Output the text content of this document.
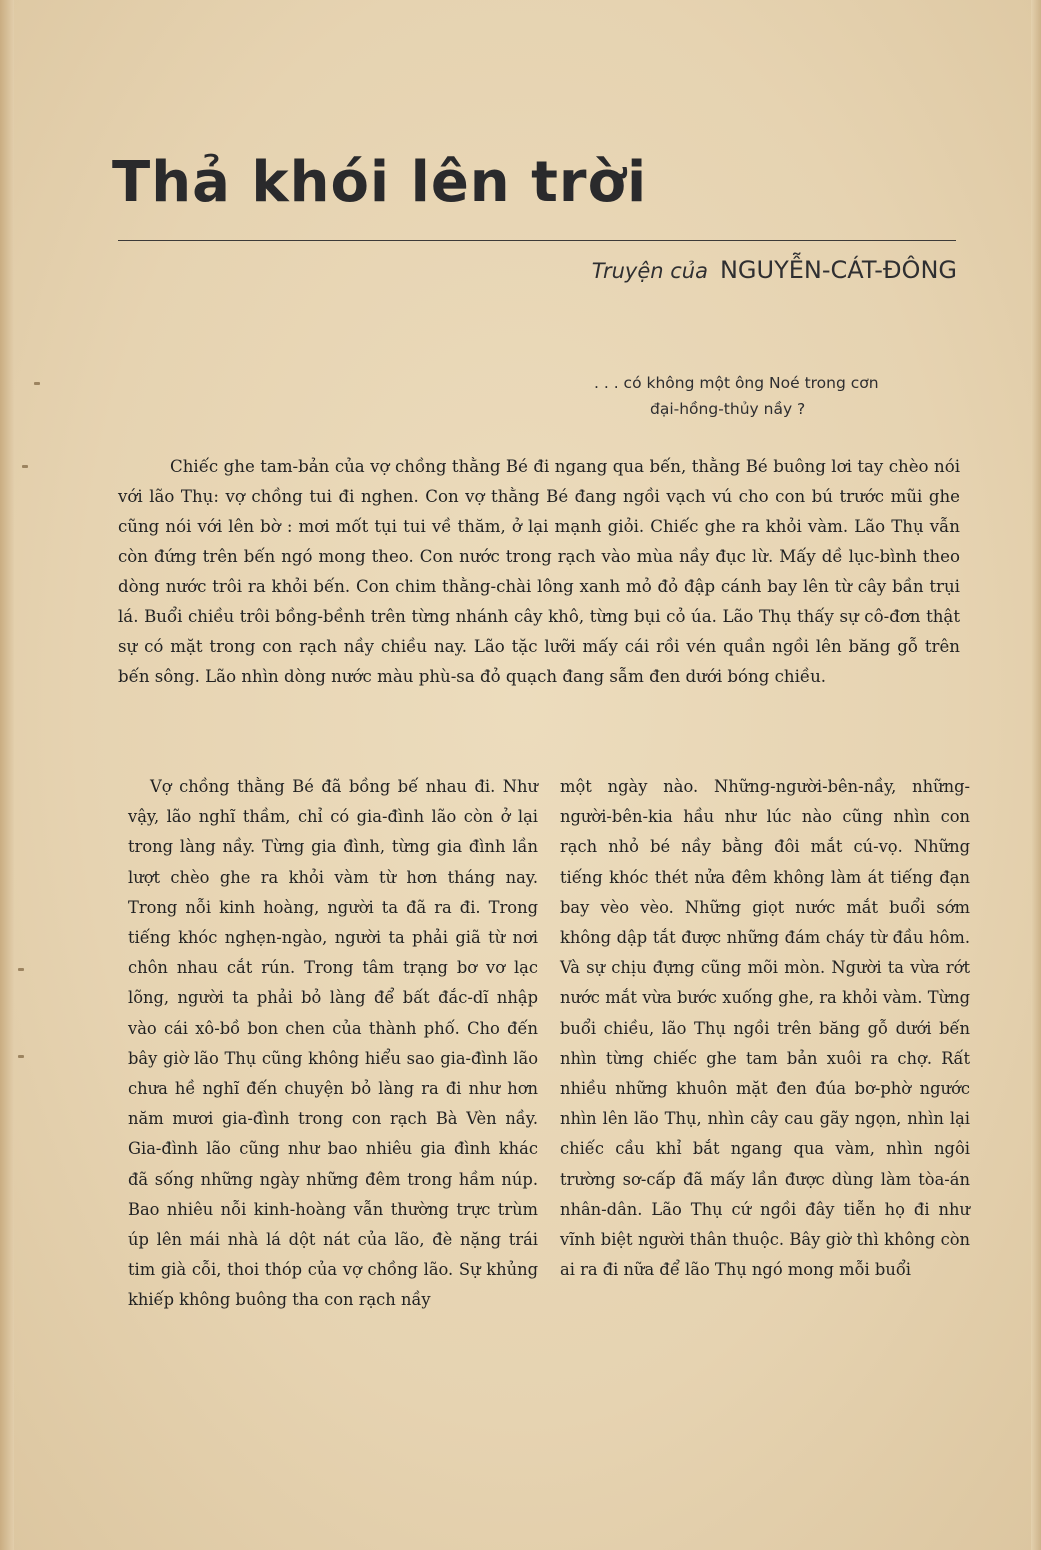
Thả khói lên trời
Truyện của NGUYỄN-CÁT-ĐÔNG
. . . có không một ông Noé trong cơn
đại-hồng-thủy nầy ?

Chiếc ghe tam-bản của vợ chồng thằng Bé đi ngang qua bến, thằng Bé buông lơi tay chèo nói với lão Thụ: vợ chồng tui đi nghen. Con vợ thằng Bé đang ngồi vạch vú cho con bú trước mũi ghe cũng nói với lên bờ : mơi mốt tụi tui về thăm, ở lại mạnh giỏi. Chiếc ghe ra khỏi vàm. Lão Thụ vẫn còn đứng trên bến ngó mong theo. Con nước trong rạch vào mùa nầy đục lừ. Mấy dề lục-bình theo dòng nước trôi ra khỏi bến. Con chim thằng-chài lông xanh mỏ đỏ đập cánh bay lên từ cây bần trụi lá. Buổi chiều trôi bồng-bềnh trên từng nhánh cây khô, từng bụi cỏ úa. Lão Thụ thấy sự cô-đơn thật sự có mặt trong con rạch nầy chiều nay. Lão tặc lưỡi mấy cái rồi vén quần ngồi lên băng gỗ trên bến sông. Lão nhìn dòng nước màu phù-sa đỏ quạch đang sẫm đen dưới bóng chiều.

Vợ chồng thằng Bé đã bồng bế nhau đi. Như vậy, lão nghĩ thầm, chỉ có gia-đình lão còn ở lại trong làng nầy. Từng gia đình, từng gia đình lần lượt chèo ghe ra khỏi vàm từ hơn tháng nay. Trong nỗi kinh hoàng, người ta đã ra đi. Trong tiếng khóc nghẹn-ngào, người ta phải giã từ nơi chôn nhau cắt rún. Trong tâm trạng bơ vơ lạc lõng, người ta phải bỏ làng để bất đắc-dĩ nhập vào cái xô-bồ bon chen của thành phố. Cho đến bây giờ lão Thụ cũng không hiểu sao gia-đình lão chưa hề nghĩ đến chuyện bỏ làng ra đi như hơn năm mươi gia-đình trong con rạch Bà Vèn nầy. Gia-đình lão cũng như bao nhiêu gia đình khác đã sống những ngày những đêm trong hầm núp. Bao nhiêu nỗi kinh-hoàng vẫn thường trực trùm úp lên mái nhà lá dột nát của lão, đè nặng trái tim già cỗi, thoi thóp của vợ chồng lão. Sự khủng khiếp không buông tha con rạch nầy

một ngày nào. Những-người-bên-nầy, những-người-bên-kia hầu như lúc nào cũng nhìn con rạch nhỏ bé nầy bằng đôi mắt cú-vọ. Những tiếng khóc thét nửa đêm không làm át tiếng đạn bay vèo vèo. Những giọt nước mắt buổi sớm không dập tắt được những đám cháy từ đầu hôm. Và sự chịu đựng cũng mõi mòn. Người ta vừa rớt nước mắt vừa bước xuống ghe, ra khỏi vàm. Từng buổi chiều, lão Thụ ngồi trên băng gỗ dưới bến nhìn từng chiếc ghe tam bản xuôi ra chợ. Rất nhiều những khuôn mặt đen đúa bơ-phờ ngước nhìn lên lão Thụ, nhìn cây cau gãy ngọn, nhìn lại chiếc cầu khỉ bắt ngang qua vàm, nhìn ngôi trường sơ-cấp đã mấy lần được dùng làm tòa-án nhân-dân. Lão Thụ cứ ngồi đây tiễn họ đi như vĩnh biệt người thân thuộc. Bây giờ thì không còn ai ra đi nữa để lão Thụ ngó mong mỗi buổi
